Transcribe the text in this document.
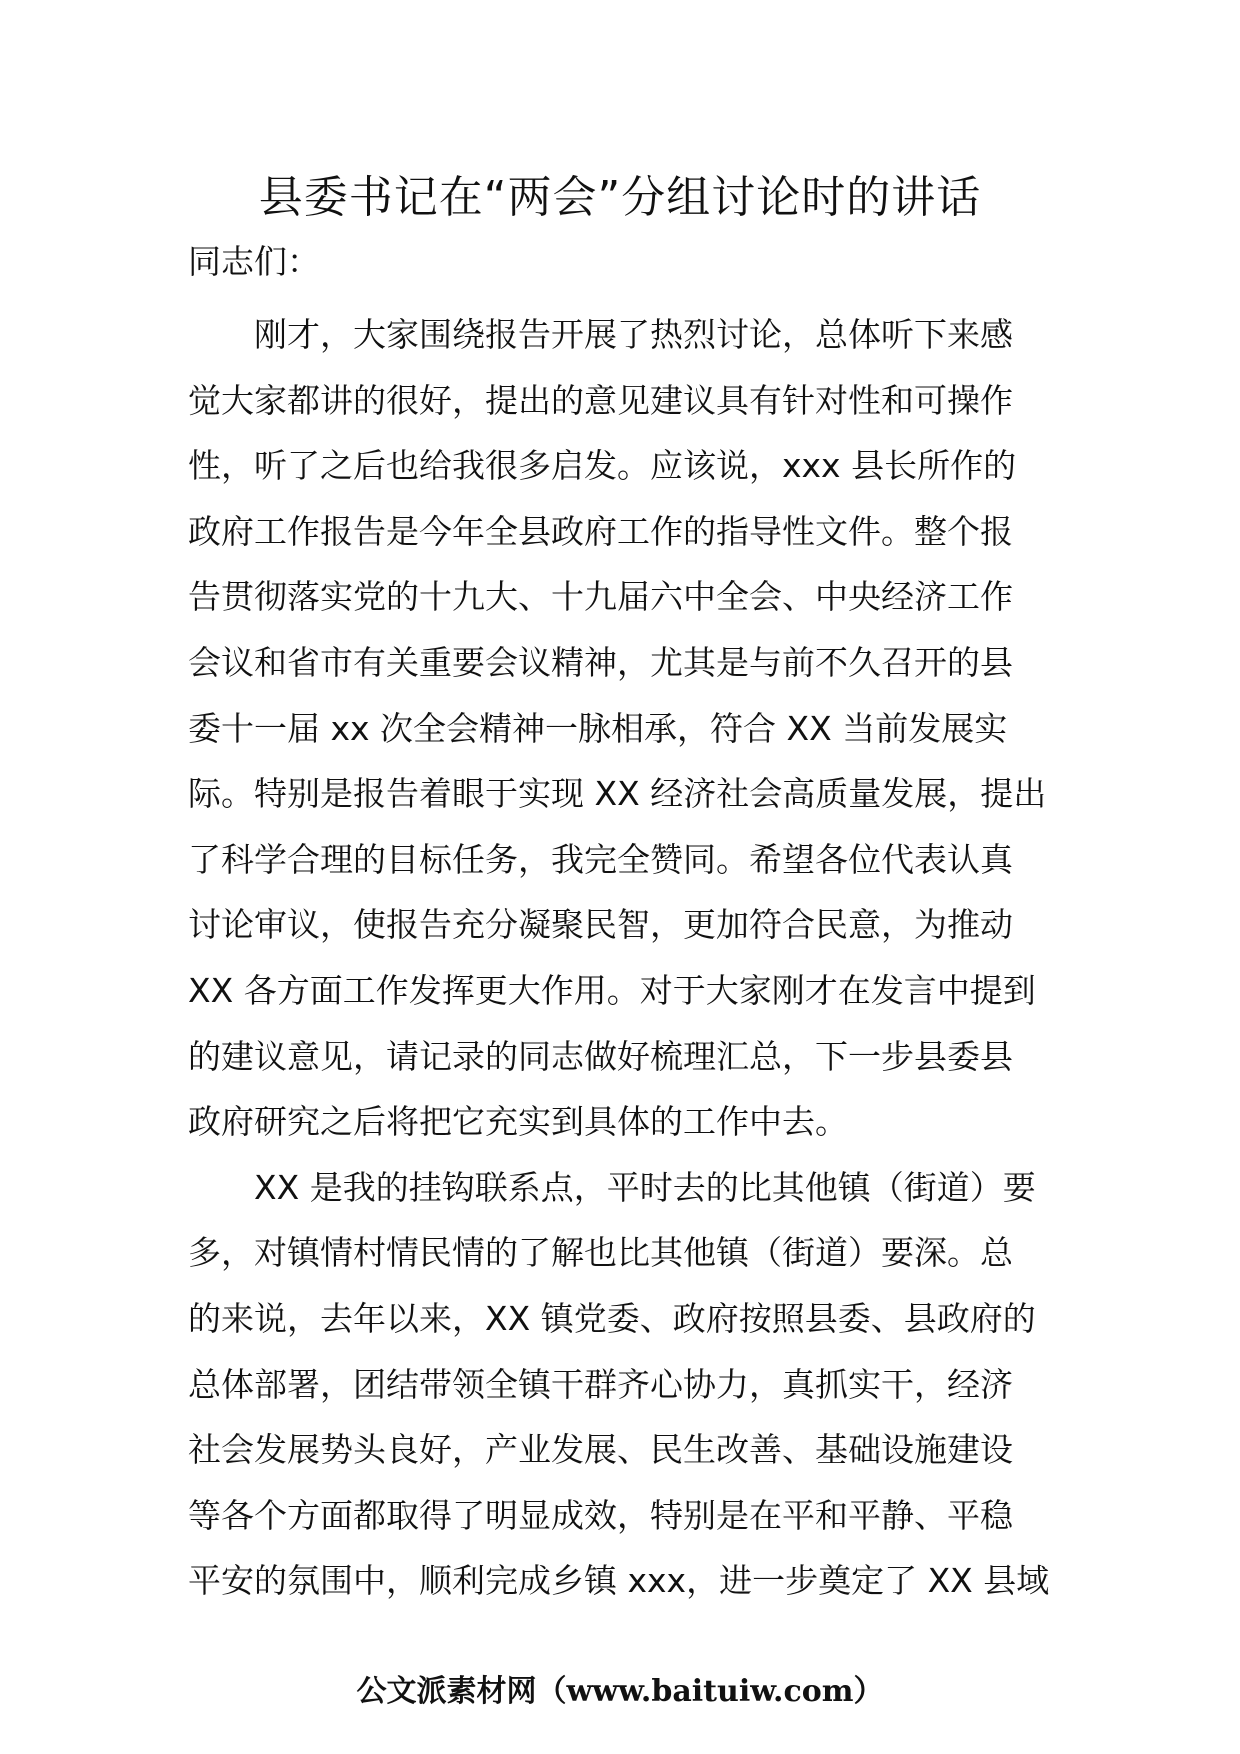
县委书记在“两会”分组讨论时的讲话
同志们：
刚才，大家围绕报告开展了热烈讨论，总体听下来感
觉大家都讲的很好，提出的意见建议具有针对性和可操作
性，听了之后也给我很多启发。应该说，xxx 县长所作的
政府工作报告是今年全县政府工作的指导性文件。整个报
告贯彻落实党的十九大、十九届六中全会、中央经济工作
会议和省市有关重要会议精神，尤其是与前不久召开的县
委十一届 xx 次全会精神一脉相承，符合 XX 当前发展实
际。特别是报告着眼于实现 XX 经济社会高质量发展，提出
了科学合理的目标任务，我完全赞同。希望各位代表认真
讨论审议，使报告充分凝聚民智，更加符合民意，为推动
XX 各方面工作发挥更大作用。对于大家刚才在发言中提到
的建议意见，请记录的同志做好梳理汇总，下一步县委县
政府研究之后将把它充实到具体的工作中去。
XX 是我的挂钩联系点，平时去的比其他镇（街道）要
多，对镇情村情民情的了解也比其他镇（街道）要深。总
的来说，去年以来，XX 镇党委、政府按照县委、县政府的
总体部署，团结带领全镇干群齐心协力，真抓实干，经济
社会发展势头良好，产业发展、民生改善、基础设施建设
等各个方面都取得了明显成效，特别是在平和平静、平稳
平安的氛围中，顺利完成乡镇 xxx，进一步奠定了 XX 县域
公文派素材网（www.baituiw.com）
